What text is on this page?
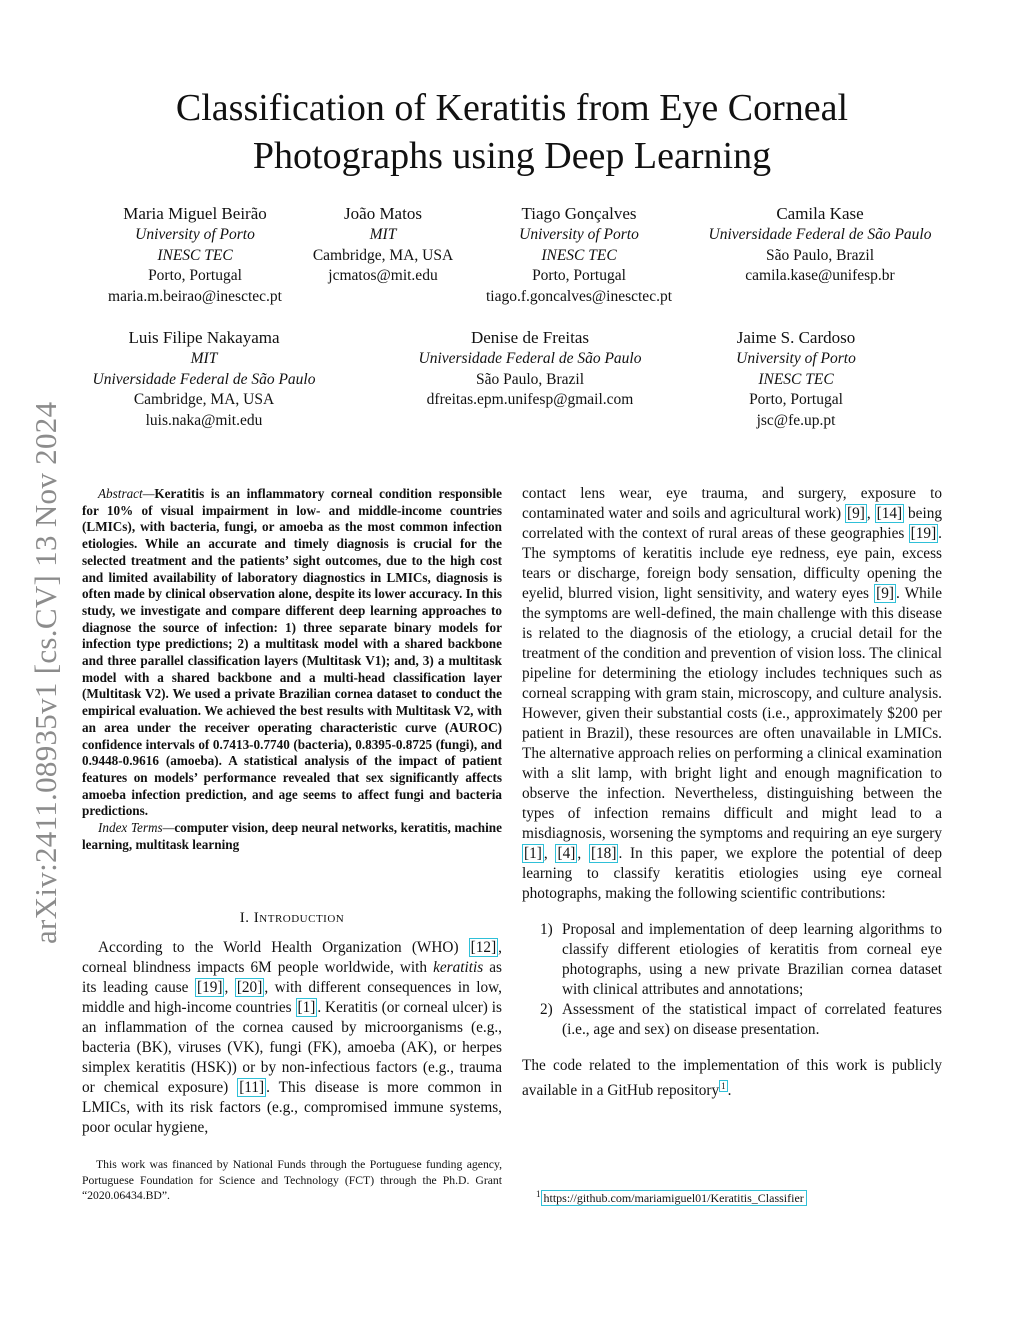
arXiv:2411.08935v1 [cs.CV] 13 Nov 2024
Classification of Keratitis from Eye Corneal Photographs using Deep Learning
Maria Miguel Beirão
University of Porto
INESC TEC
Porto, Portugal
maria.m.beirao@inesctec.pt
João Matos
MIT
Cambridge, MA, USA
jcmatos@mit.edu
Tiago Gonçalves
University of Porto
INESC TEC
Porto, Portugal
tiago.f.goncalves@inesctec.pt
Camila Kase
Universidade Federal de São Paulo
São Paulo, Brazil
camila.kase@unifesp.br
Luis Filipe Nakayama
MIT
Universidade Federal de São Paulo
Cambridge, MA, USA
luis.naka@mit.edu
Denise de Freitas
Universidade Federal de São Paulo
São Paulo, Brazil
dfreitas.epm.unifesp@gmail.com
Jaime S. Cardoso
University of Porto
INESC TEC
Porto, Portugal
jsc@fe.up.pt

Abstract—Keratitis is an inflammatory corneal condition responsible for 10% of visual impairment in low- and middle-income countries (LMICs), with bacteria, fungi, or amoeba as the most common infection etiologies. While an accurate and timely diagnosis is crucial for the selected treatment and the patients’ sight outcomes, due to the high cost and limited availability of laboratory diagnostics in LMICs, diagnosis is often made by clinical observation alone, despite its lower accuracy. In this study, we investigate and compare different deep learning approaches to diagnose the source of infection: 1) three separate binary models for infection type predictions; 2) a multitask model with a shared backbone and three parallel classification layers (Multitask V1); and, 3) a multitask model with a shared backbone and a multi-head classification layer (Multitask V2). We used a private Brazilian cornea dataset to conduct the empirical evaluation. We achieved the best results with Multitask V2, with an area under the receiver operating characteristic curve (AUROC) confidence intervals of 0.7413-0.7740 (bacteria), 0.8395-0.8725 (fungi), and 0.9448-0.9616 (amoeba). A statistical analysis of the impact of patient features on models’ performance revealed that sex significantly affects amoeba infection prediction, and age seems to affect fungi and bacteria predictions.

Index Terms—computer vision, deep neural networks, keratitis, machine learning, multitask learning

I. Introduction

According to the World Health Organization (WHO) [12] , corneal blindness impacts 6M people worldwide, with keratitis as its leading cause [19] , [20] , with different consequences in low, middle and high-income countries [1] . Keratitis (or corneal ulcer) is an inflammation of the cornea caused by microorganisms (e.g., bacteria (BK), viruses (VK), fungi (FK), amoeba (AK), or herpes simplex keratitis (HSK)) or by non-infectious factors (e.g., trauma or chemical exposure) [11] . This disease is more common in LMICs, with its risk factors (e.g., compromised immune systems, poor ocular hygiene,

contact lens wear, eye trauma, and surgery, exposure to contaminated water and soils and agricultural work) [9] , [14] being correlated with the context of rural areas of these geographies [19] . The symptoms of keratitis include eye redness, eye pain, excess tears or discharge, foreign body sensation, difficulty opening the eyelid, blurred vision, light sensitivity, and watery eyes [9] . While the symptoms are well-defined, the main challenge with this disease is related to the diagnosis of the etiology, a crucial detail for the treatment of the condition and prevention of vision loss. The clinical pipeline for determining the etiology includes techniques such as corneal scrapping with gram stain, microscopy, and culture analysis. However, given their substantial costs (i.e., approximately $200 per patient in Brazil), these resources are often unavailable in LMICs. The alternative approach relies on performing a clinical examination with a slit lamp, with bright light and enough magnification to observe the infection. Nevertheless, distinguishing between the types of infection remains difficult and might lead to a misdiagnosis, worsening the symptoms and requiring an eye surgery [1] , [4] , [18] . In this paper, we explore the potential of deep learning to classify keratitis etiologies using eye corneal photographs, making the following scientific contributions:

1) Proposal and implementation of deep learning algorithms to classify different etiologies of keratitis from corneal eye photographs, using a new private Brazilian cornea dataset with clinical attributes and annotations;
2) Assessment of the statistical impact of correlated features (i.e., age and sex) on disease presentation.

The code related to the implementation of this work is publicly available in a GitHub repository $^1$ .

This work was financed by National Funds through the Portuguese funding agency, Portuguese Foundation for Science and Technology (FCT) through the Ph.D. Grant “2020.06434.BD”.	$^1$ https://github.com/mariamiguel01/Keratitis_Classifier
